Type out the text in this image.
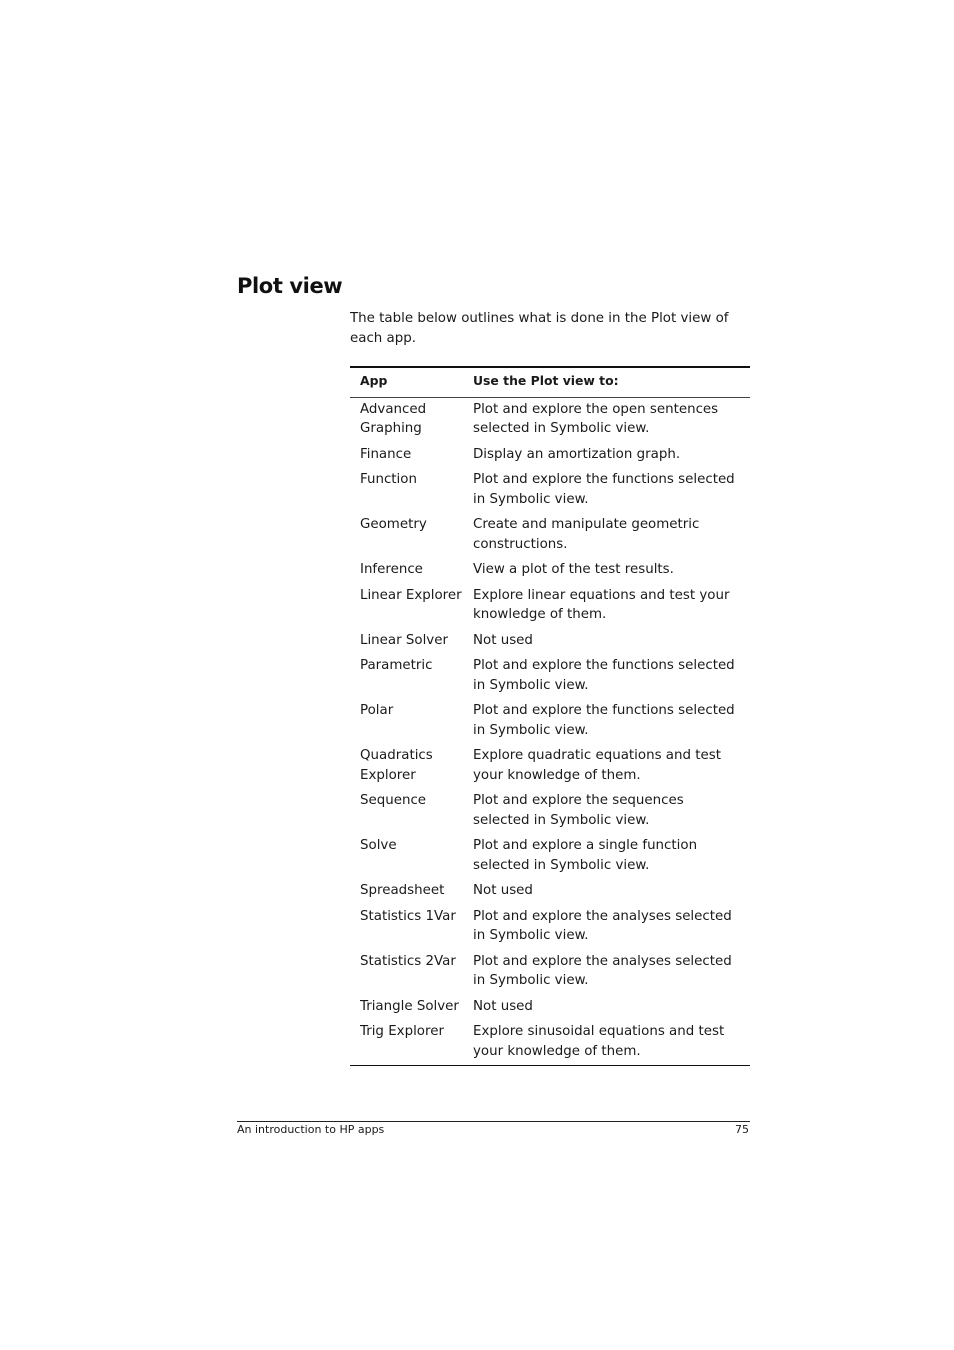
Plot view

The table below outlines what is done in the Plot view of each app.

App	Use the Plot view to:
Advanced Graphing	Plot and explore the open sentences selected in Symbolic view.
Finance	Display an amortization graph.
Function	Plot and explore the functions selected in Symbolic view.
Geometry	Create and manipulate geometric constructions.
Inference	View a plot of the test results.
Linear Explorer	Explore linear equations and test your knowledge of them.
Linear Solver	Not used
Parametric	Plot and explore the functions selected in Symbolic view.
Polar	Plot and explore the functions selected in Symbolic view.
Quadratics Explorer	Explore quadratic equations and test your knowledge of them.
Sequence	Plot and explore the sequences selected in Symbolic view.
Solve	Plot and explore a single function selected in Symbolic view.
Spreadsheet	Not used
Statistics 1Var	Plot and explore the analyses selected in Symbolic view.
Statistics 2Var	Plot and explore the analyses selected in Symbolic view.
Triangle Solver	Not used
Trig Explorer	Explore sinusoidal equations and test your knowledge of them.
An introduction to HP apps	75
